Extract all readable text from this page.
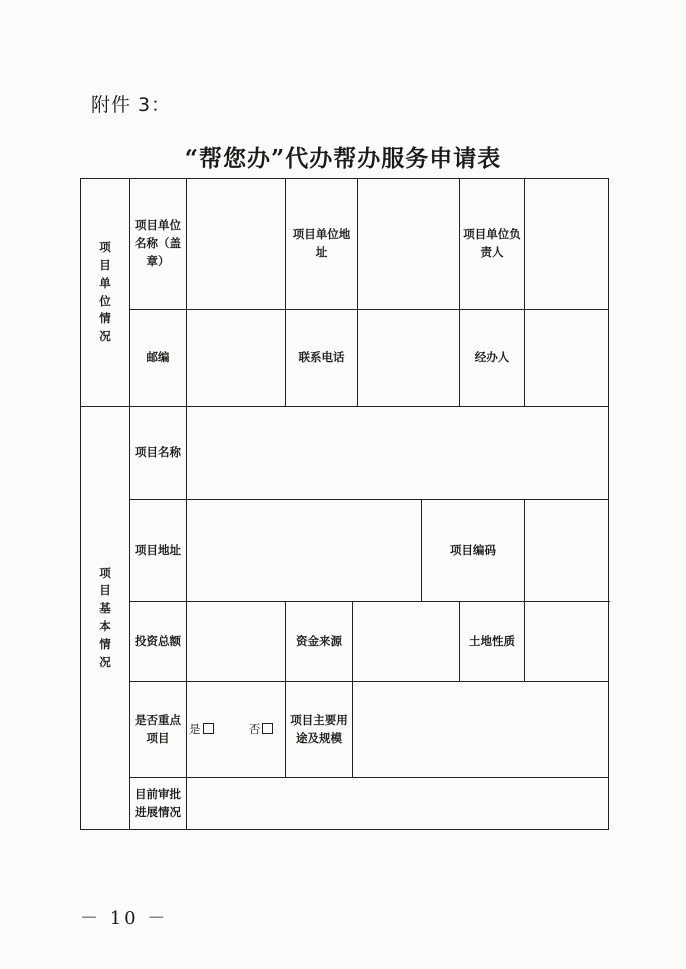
附件 3：
“帮您办”代办帮办服务申请表
项目单位情况	项目单位名称（盖章）		项目单位地址				项目单位负责人	
	邮编		联系电话				经办人	
项目基本情况	项目名称							
	项目地址					项目编码		
	投资总额		资金来源				土地性质	
	是否重点项目	是 否	项目主要用途及规模					
	目前审批进展情况							
－ 10 －
